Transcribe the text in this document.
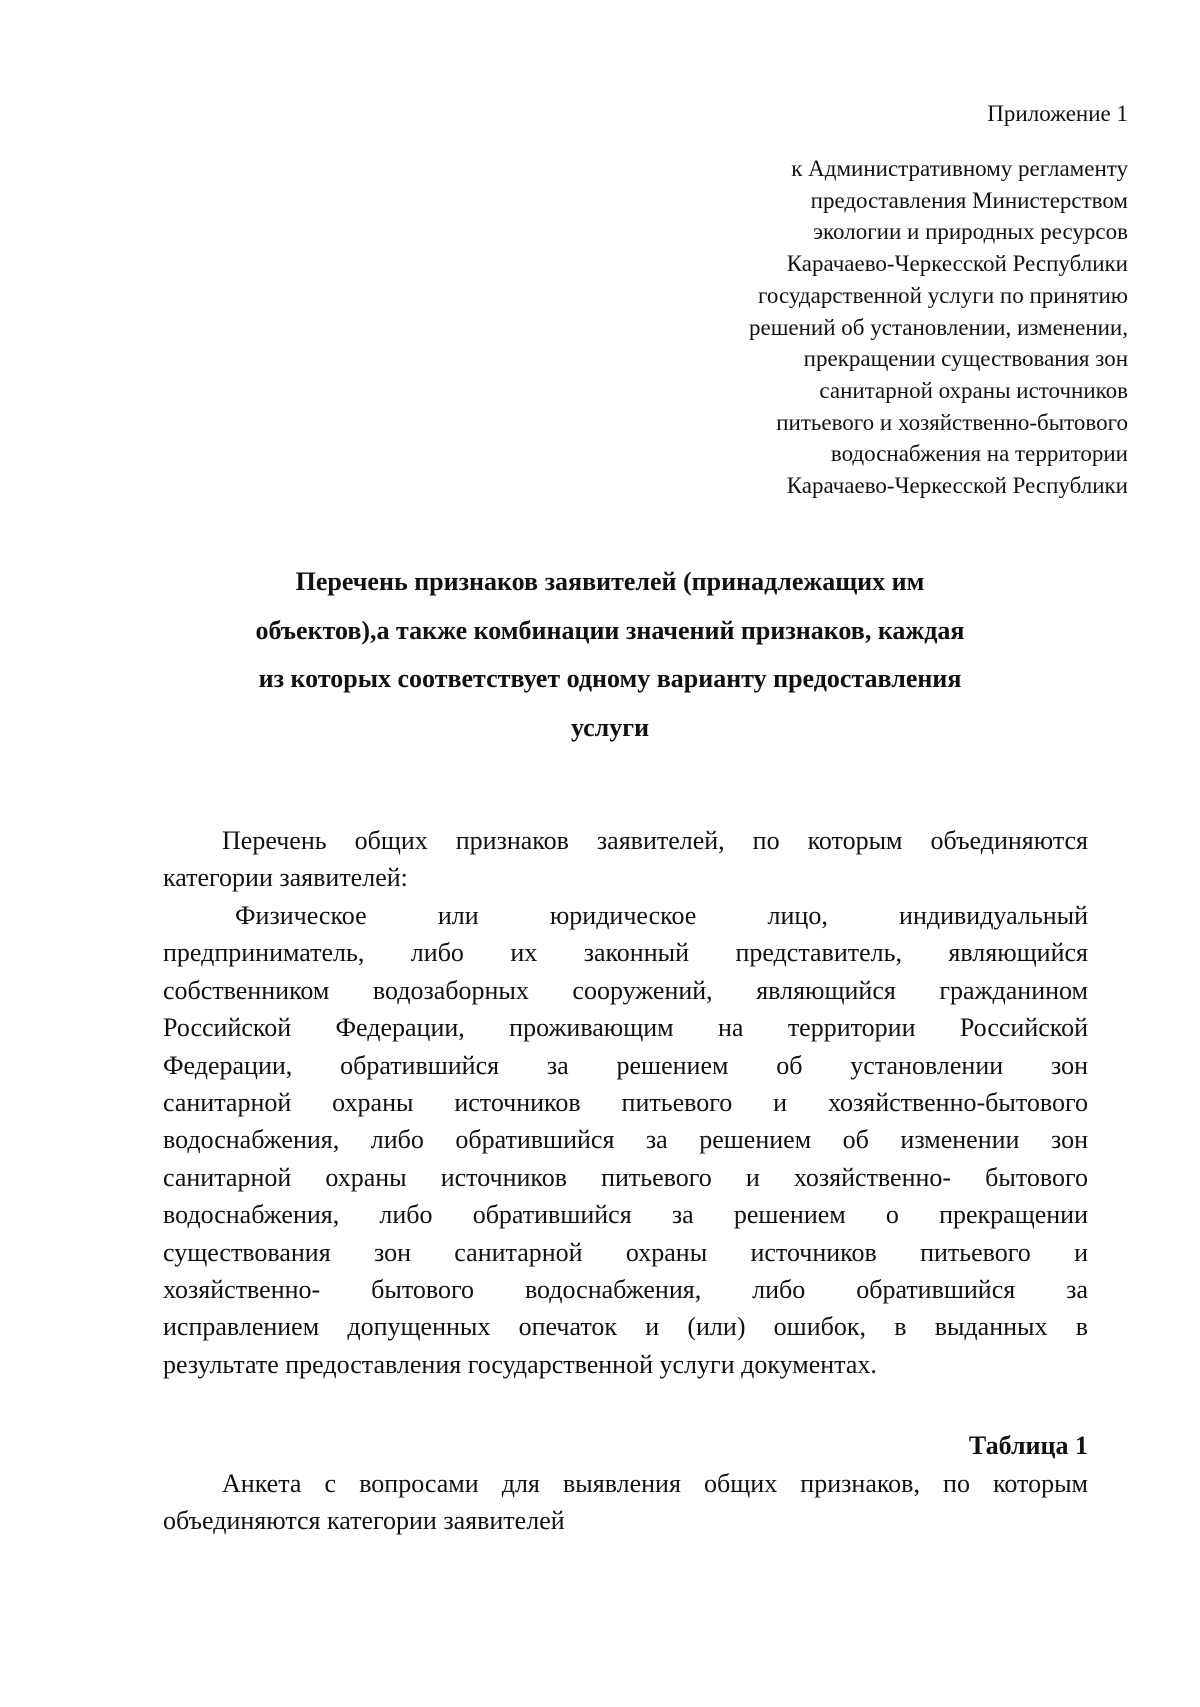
Приложение 1

к Административному регламенту
предоставления Министерством
экологии и природных ресурсов
Карачаево-Черкесской Республики
государственной услуги по принятию
решений об установлении, изменении,
прекращении существования зон
санитарной охраны источников
питьевого и хозяйственно-бытового
водоснабжения на территории
Карачаево-Черкесской Республики

Перечень признаков заявителей (принадлежащих им
объектов),а также комбинации значений признаков, каждая
из которых соответствует одному варианту предоставления
услуги

Перечень общих признаков заявителей, по которым объединяются
категории заявителей:

Физическое или юридическое лицо, индивидуальный
предприниматель, либо их законный представитель, являющийся
собственником водозаборных сооружений, являющийся гражданином
Российской Федерации, проживающим на территории Российской
Федерации, обратившийся за решением об установлении зон
санитарной охраны источников питьевого и хозяйственно-бытового
водоснабжения, либо обратившийся за решением об изменении зон
санитарной охраны источников питьевого и хозяйственно- бытового
водоснабжения, либо обратившийся за решением о прекращении
существования зон санитарной охраны источников питьевого и
хозяйственно- бытового водоснабжения, либо обратившийся за
исправлением допущенных опечаток и (или) ошибок, в выданных в
результате предоставления государственной услуги документах.

Таблица 1

Анкета с вопросами для выявления общих признаков, по которым
объединяются категории заявителей
